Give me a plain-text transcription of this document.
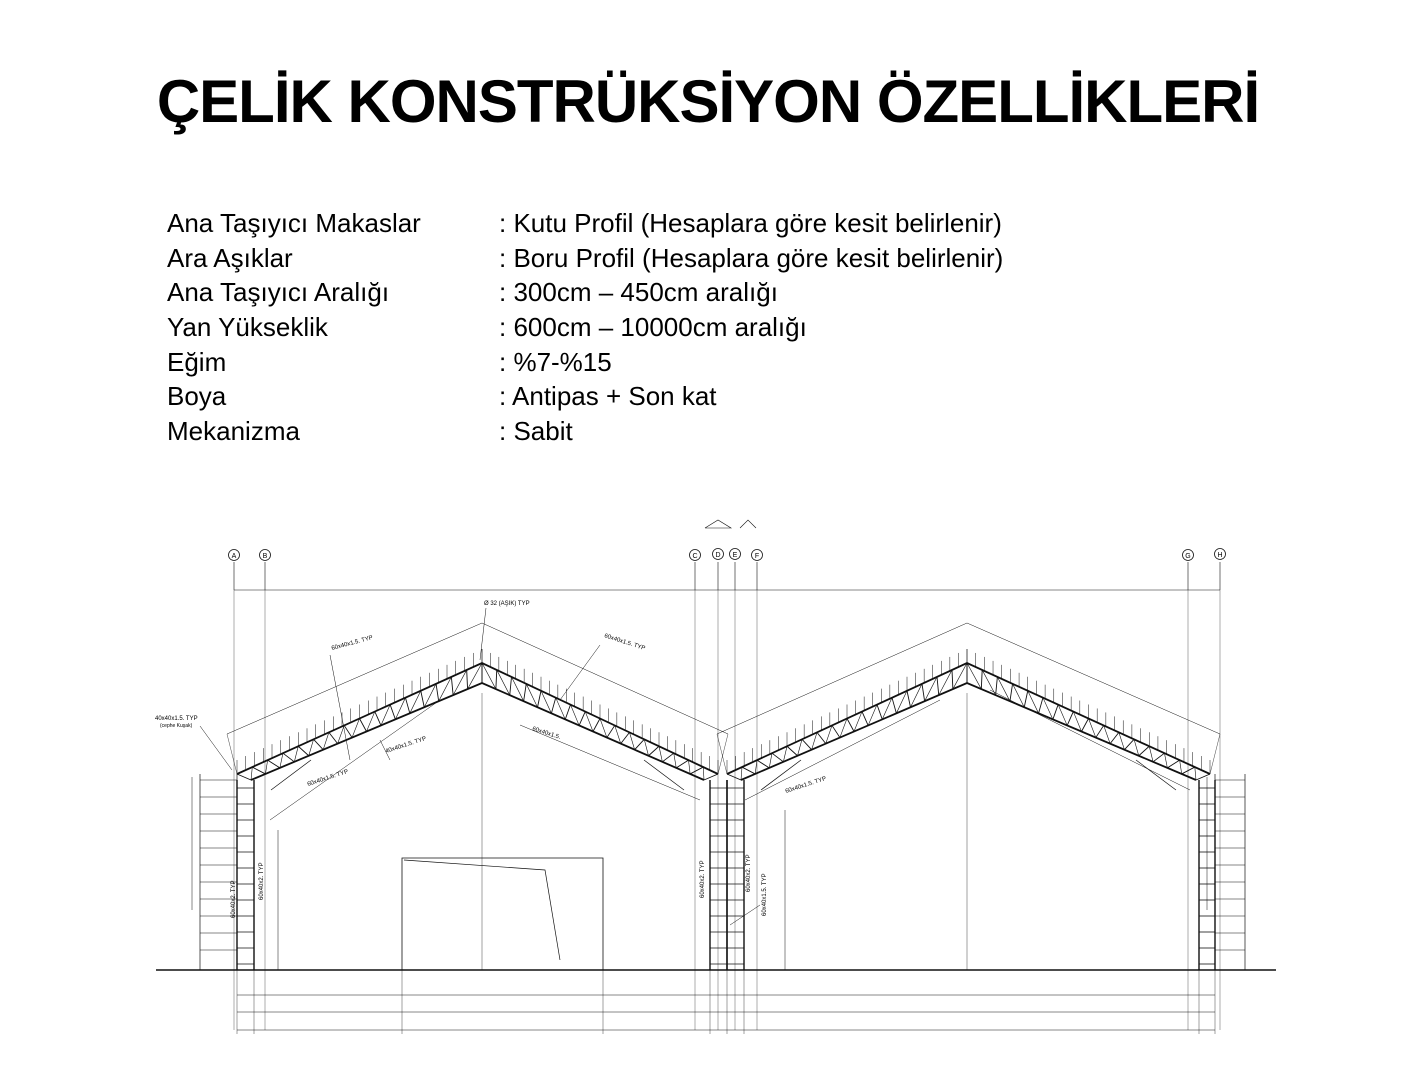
ÇELİK KONSTRÜKSİYON ÖZELLİKLERİ
Ana Taşıyıcı Makaslar	: Kutu Profil (Hesaplara göre kesit belirlenir)
Ara Aşıklar	: Boru Profil (Hesaplara göre kesit belirlenir)
Ana Taşıyıcı Aralığı	: 300cm – 450cm aralığı
Yan Yükseklik	: 600cm – 10000cm aralığı
Eğim	: %7-%15
Boya	: Antipas + Son kat
Mekanizma	: Sabit
Ø 32 (AŞIK) TYP
60x40x1.5. TYP	60x40x1.5. TYP
40x40x1.5. TYP
(cephe Kuşak)
40x40x1.5. TYP
60x40x1.5. TYP
60x40x1.5.
60x40x1.5. TYP
60x40x2. TYP	60x40x2. TYP	60x40x2. TYP	60x40x2. TYP
60x40x1.5. TYP
A	B	C	D E	F	G	H
